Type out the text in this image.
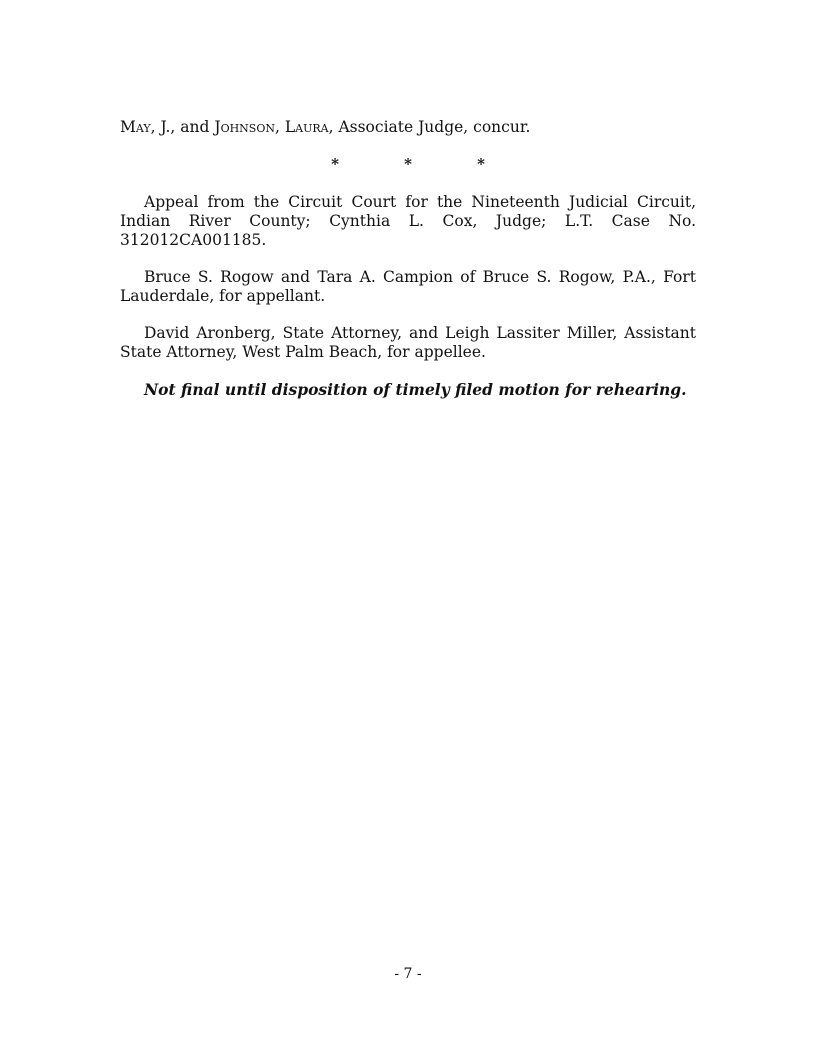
May, J., and Johnson, Laura, Associate Judge, concur.

*	*	*

Appeal from the Circuit Court for the Nineteenth Judicial Circuit, Indian River County; Cynthia L. Cox, Judge; L.T. Case No. 312012CA001185.

Bruce S. Rogow and Tara A. Campion of Bruce S. Rogow, P.A., Fort Lauderdale, for appellant.

David Aronberg, State Attorney, and Leigh Lassiter Miller, Assistant State Attorney, West Palm Beach, for appellee.

Not final until disposition of timely filed motion for rehearing.

- 7 -
